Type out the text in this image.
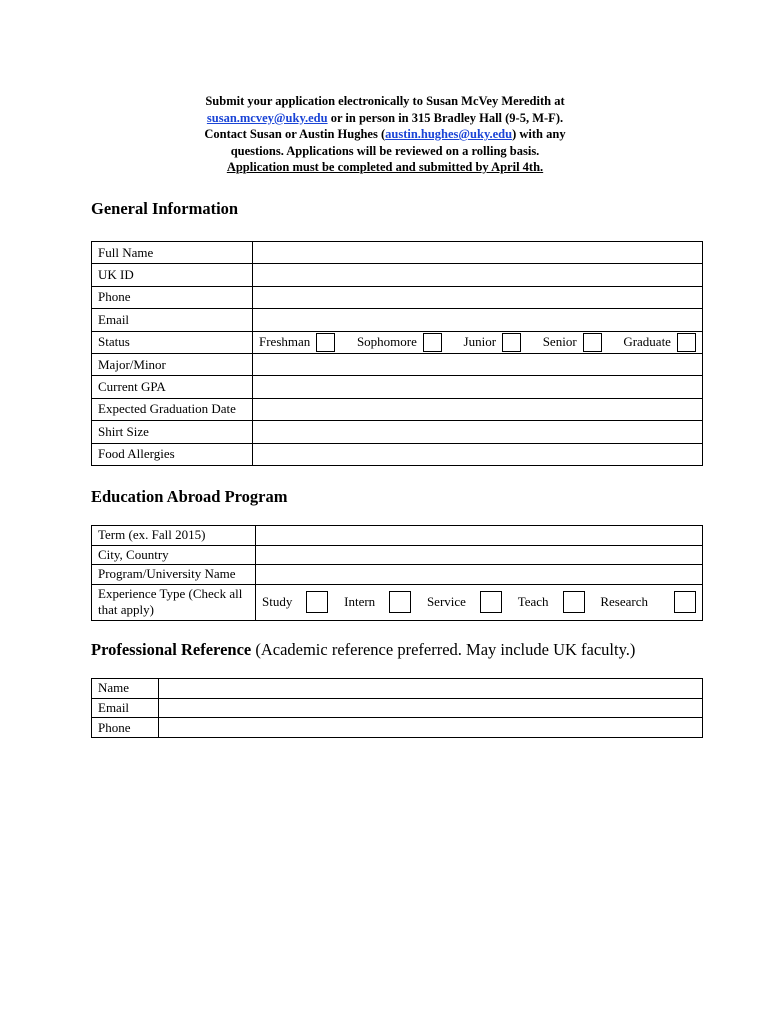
Submit your application electronically to Susan McVey Meredith at
susan.mcvey@uky.edu or in person in 315 Bradley Hall (9-5, M-F).
Contact Susan or Austin Hughes (austin.hughes@uky.edu) with any
questions. Applications will be reviewed on a rolling basis.
Application must be completed and submitted by April 4th.
General Information
Full Name	
UK ID	
Phone	
Email	
Status	Freshman Sophomore Junior Senior Graduate

Major/Minor	
Current GPA	
Expected Graduation Date	
Shirt Size	
Food Allergies	
Education Abroad Program
Term (ex. Fall 2015)	
City, Country	
Program/University Name	
Experience Type (Check all that apply)	Study Intern Service Teach Research
Professional Reference (Academic reference preferred. May include UK faculty.)
Name	
Email	
Phone	
